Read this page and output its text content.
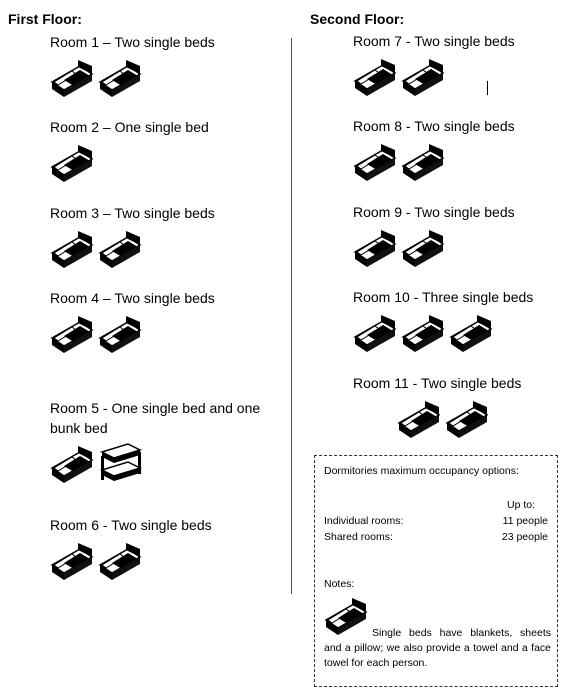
First Floor:
Room 1 – Two single beds
Room 2 – One single bed
Room 3 – Two single beds
Room 4 – Two single beds
Room 5 - One single bed and one bunk bed
Room 6 - Two single beds
Second Floor:
Room 7 - Two single beds
Room 8 - Two single beds
Room 9 - Two single beds
Room 10 - Three single beds
Room 11 - Two single beds
Dormitories maximum occupancy options:
Up to:
Individual rooms:	11 people
Shared rooms:	23 people
Notes:
Single beds have blankets, sheets and a pillow; we also provide a towel and a face towel for each person.
